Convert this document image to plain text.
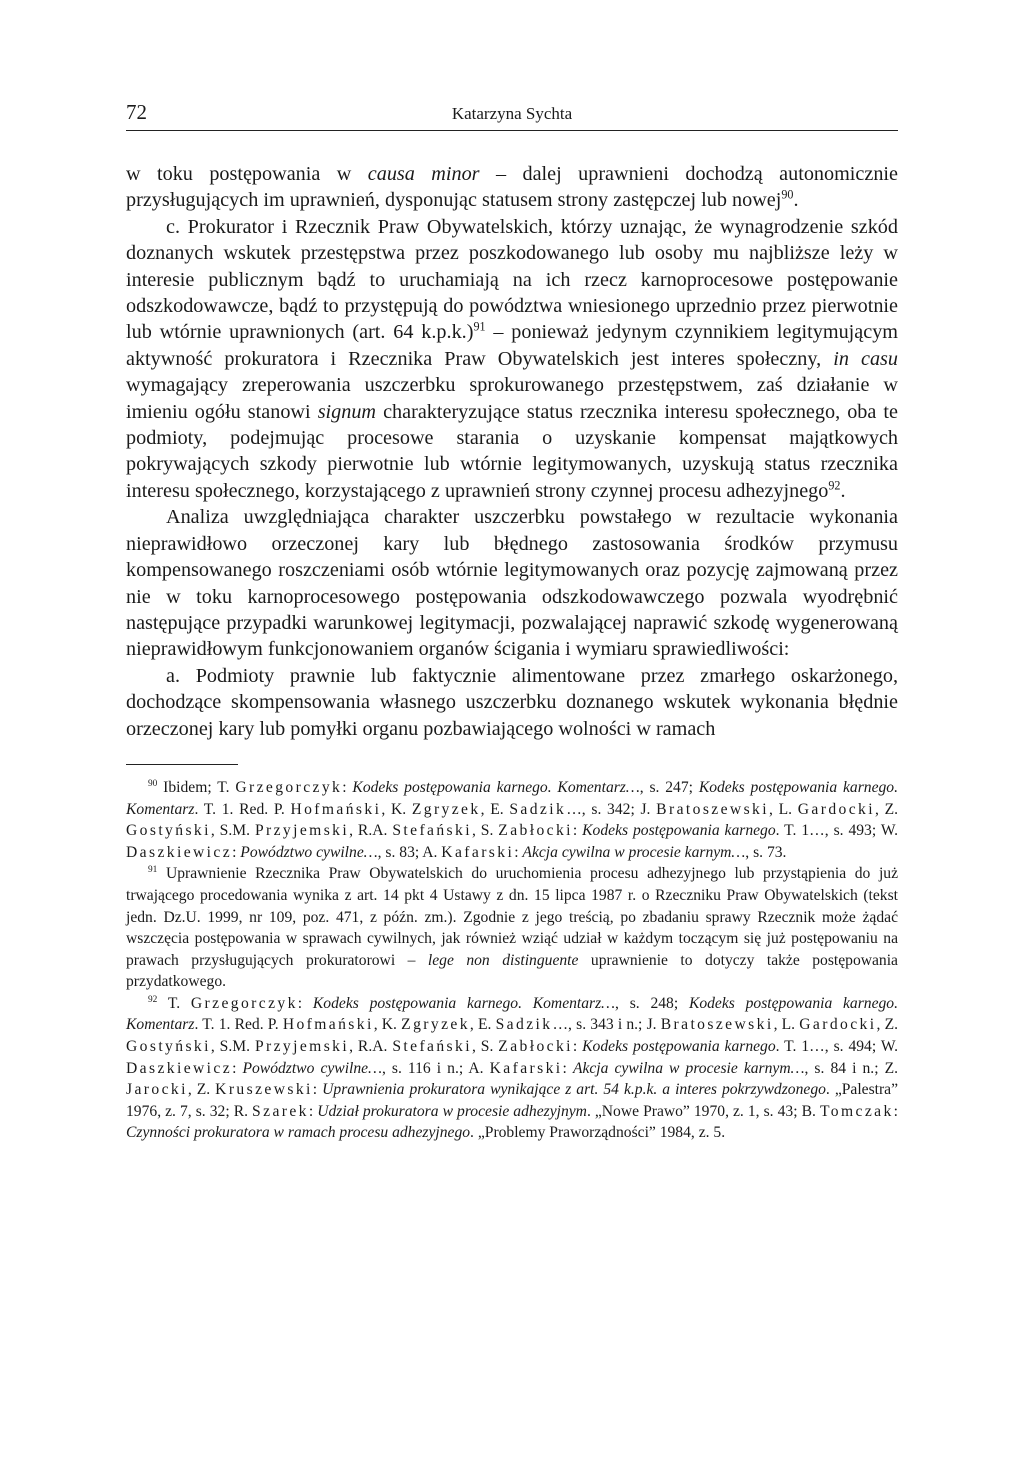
72	Katarzyna Sychta

w toku postępowania w causa minor – dalej uprawnieni dochodzą autonomicznie przysługujących im uprawnień, dysponując statusem strony zastępczej lub nowej$^{90}$.

c. Prokurator i Rzecznik Praw Obywatelskich, którzy uznając, że wynagrodzenie szkód doznanych wskutek przestępstwa przez poszkodowanego lub osoby mu najbliższe leży w interesie publicznym bądź to uruchamiają na ich rzecz karnoprocesowe postępowanie odszkodowawcze, bądź to przystępują do powództwa wniesionego uprzednio przez pierwotnie lub wtórnie uprawnionych (art. 64 k.p.k.)$^{91}$ – ponieważ jedynym czynnikiem legitymującym aktywność prokuratora i Rzecznika Praw Obywatelskich jest interes społeczny, in casu wymagający zreperowania uszczerbku sprokurowanego przestępstwem, zaś działanie w imieniu ogółu stanowi signum charakteryzujące status rzecznika interesu społecznego, oba te podmioty, podejmując procesowe starania o uzyskanie kompensat majątkowych pokrywających szkody pierwotnie lub wtórnie legitymowanych, uzyskują status rzecznika interesu społecznego, korzystającego z uprawnień strony czynnej procesu adhezyjnego$^{92}$.

Analiza uwzględniająca charakter uszczerbku powstałego w rezultacie wykonania nieprawidłowo orzeczonej kary lub błędnego zastosowania środków przymusu kompensowanego roszczeniami osób wtórnie legitymowanych oraz pozycję zajmowaną przez nie w toku karnoprocesowego postępowania odszkodowawczego pozwala wyodrębnić następujące przypadki warunkowej legitymacji, pozwalającej naprawić szkodę wygenerowaną nieprawidłowym funkcjonowaniem organów ścigania i wymiaru sprawiedliwości:

a. Podmioty prawnie lub faktycznie alimentowane przez zmarłego oskarżonego, dochodzące skompensowania własnego uszczerbku doznanego wskutek wykonania błędnie orzeczonej kary lub pomyłki organu pozbawiającego wolności w ramach

$^{90}$ Ibidem; T. Grzegorczyk: Kodeks postępowania karnego. Komentarz…, s. 247; Kodeks postępowania karnego. Komentarz. T. 1. Red. P. Hofmański, K. Zgryzek, E. Sadzik…, s. 342; J. Bratoszewski, L. Gardocki, Z. Gostyński, S.M. Przyjemski, R.A. Stefański, S. Zabłocki: Kodeks postępowania karnego. T. 1…, s. 493; W. Daszkiewicz: Powództwo cywilne…, s. 83; A. Kafarski: Akcja cywilna w procesie karnym…, s. 73.

$^{91}$ Uprawnienie Rzecznika Praw Obywatelskich do uruchomienia procesu adhezyjnego lub przystąpienia do już trwającego procedowania wynika z art. 14 pkt 4 Ustawy z dn. 15 lipca 1987 r. o Rzeczniku Praw Obywatelskich (tekst jedn. Dz.U. 1999, nr 109, poz. 471, z późn. zm.). Zgodnie z jego treścią, po zbadaniu sprawy Rzecznik może żądać wszczęcia postępowania w sprawach cywilnych, jak również wziąć udział w każdym toczącym się już postępowaniu na prawach przysługujących prokuratorowi – lege non distinguente uprawnienie to dotyczy także postępowania przydatkowego.

$^{92}$ T. Grzegorczyk: Kodeks postępowania karnego. Komentarz…, s. 248; Kodeks postępowania karnego. Komentarz. T. 1. Red. P. Hofmański, K. Zgryzek, E. Sadzik…, s. 343 i n.; J. Bratoszewski, L. Gardocki, Z. Gostyński, S.M. Przyjemski, R.A. Stefański, S. Zabłocki: Kodeks postępowania karnego. T. 1…, s. 494; W. Daszkiewicz: Powództwo cywilne…, s. 116 i n.; A. Kafarski: Akcja cywilna w procesie karnym…, s. 84 i n.; Z. Jarocki, Z. Kruszewski: Uprawnienia prokuratora wynikające z art. 54 k.p.k. a interes pokrzywdzonego. „Palestra” 1976, z. 7, s. 32; R. Szarek: Udział prokuratora w procesie adhezyjnym. „Nowe Prawo” 1970, z. 1, s. 43; B. Tomczak: Czynności prokuratora w ramach procesu adhezyjnego. „Problemy Praworządności” 1984, z. 5.
